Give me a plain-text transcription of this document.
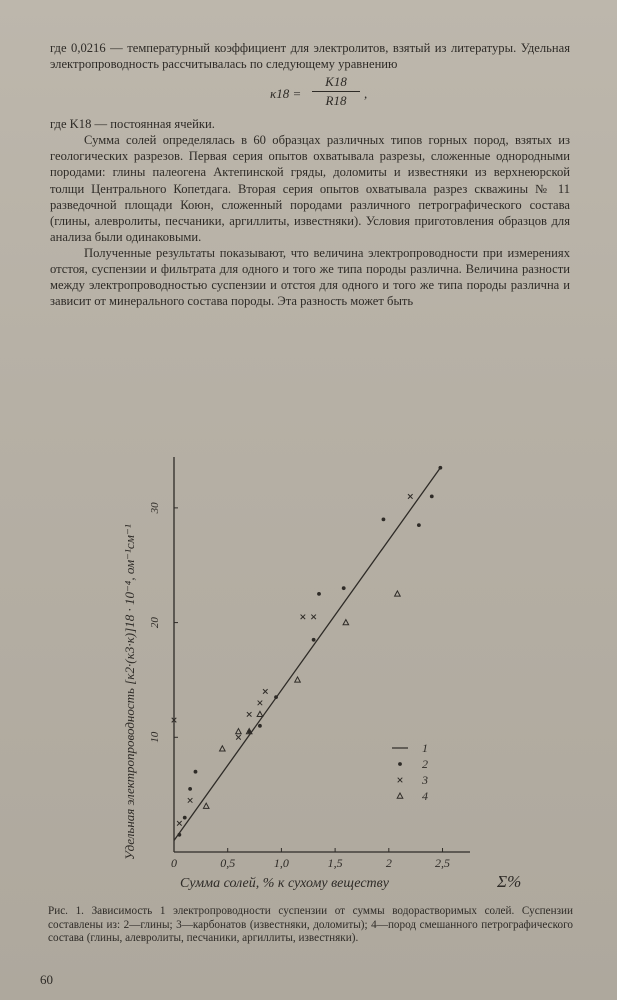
где 0,0216 — температурный коэффициент для электролитов, взятый из литературы. Удельная электропроводность рассчитывалась по следующему уравнению

$\kappa 18 = \frac{K18}{R18}$ ,

где K18 — постоянная ячейки.

Сумма солей определялась в 60 образцах различных типов горных пород, взятых из геологических разрезов. Первая серия опытов охватывала разрезы, сложенные однородными породами: глины палеогена Актепинской гряды, доломиты и известняки из верхнеюрской толщи Центрального Копетдага. Вторая серия опытов охватывала разрез скважины № 11 разведочной площади Коюн, сложенный породами различного петрографического состава (глины, алевролиты, песчаники, аргиллиты, известняки). Условия приготовления образцов для анализа были одинаковыми.

Полученные результаты показывают, что величина электропроводности при измерениях отстоя, суспензии и фильтрата для одного и того же типа породы различна. Величина разности между электропроводностью суспензии и отстоя для одного и того же типа породы различна и зависит от минерального состава породы. Эта разность может быть

0	0,5	1,0	1,5	2	2,5
10
20
30
1
2
3
4
Сумма солей, % к сухому веществу	Σ%
Удельная электропроводность [κ2·(κ3·κ)]18 · 10⁻⁴, ом⁻¹см⁻¹
Рис. 1. Зависимость 1 электропроводности суспензии от суммы водорастворимых солей. Суспензии составлены из: 2—глины; 3—карбонатов (известняки, доломиты); 4—пород смешанного петрографического состава (глины, алевролиты, песчаники, аргиллиты, известняки).
60
